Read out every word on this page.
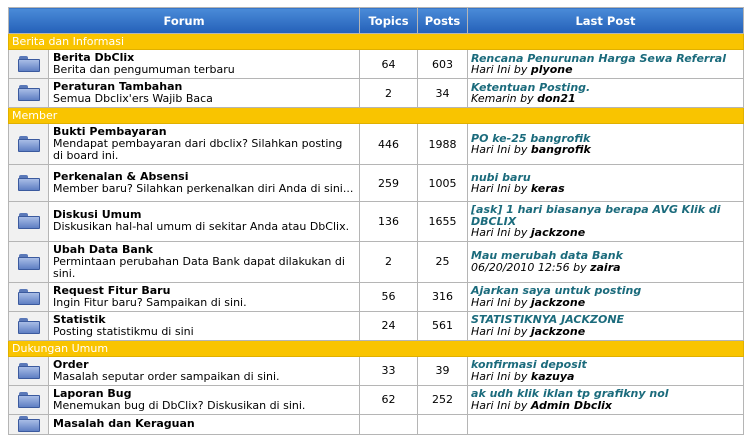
Forum		Topics	Posts	Last Post
Berita dan Informasi				

	Berita DbClix
Berita dan pengumuman terbaru	64	603	Rencana Penurunan Harga Sewa Referral
Hari Ini by plyone

	Peraturan Tambahan
Semua Dbclix'ers Wajib Baca	2	34	Ketentuan Posting.
Kemarin by don21

Member				

	Bukti Pembayaran
Mendapat pembayaran dari dbclix? Silahkan posting di board ini.	446	1988	PO ke-25 bangrofik
Hari Ini by bangrofik

	Perkenalan & Absensi
Member baru? Silahkan perkenalkan diri Anda di sini...	259	1005	nubi baru
Hari Ini by keras

	Diskusi Umum
Diskusikan hal-hal umum di sekitar Anda atau DbClix.	136	1655	[ask] 1 hari biasanya berapa AVG Klik di DBCLIX
Hari Ini by jackzone

	Ubah Data Bank
Permintaan perubahan Data Bank dapat dilakukan di sini.	2	25	Mau merubah data Bank
06/20/2010 12:56 by zaira

	Request Fitur Baru
Ingin Fitur baru? Sampaikan di sini.	56	316	Ajarkan saya untuk posting
Hari Ini by jackzone

	Statistik
Posting statistikmu di sini	24	561	STATISTIKNYA JACKZONE
Hari Ini by jackzone

Dukungan Umum				

	Order
Masalah seputar order sampaikan di sini.	33	39	konfirmasi deposit
Hari Ini by kazuya

	Laporan Bug
Menemukan bug di DbClix? Diskusikan di sini.	62	252	ak udh klik iklan tp grafikny nol
Hari Ini by Admin Dbclix

	Masalah dan Keraguan			
